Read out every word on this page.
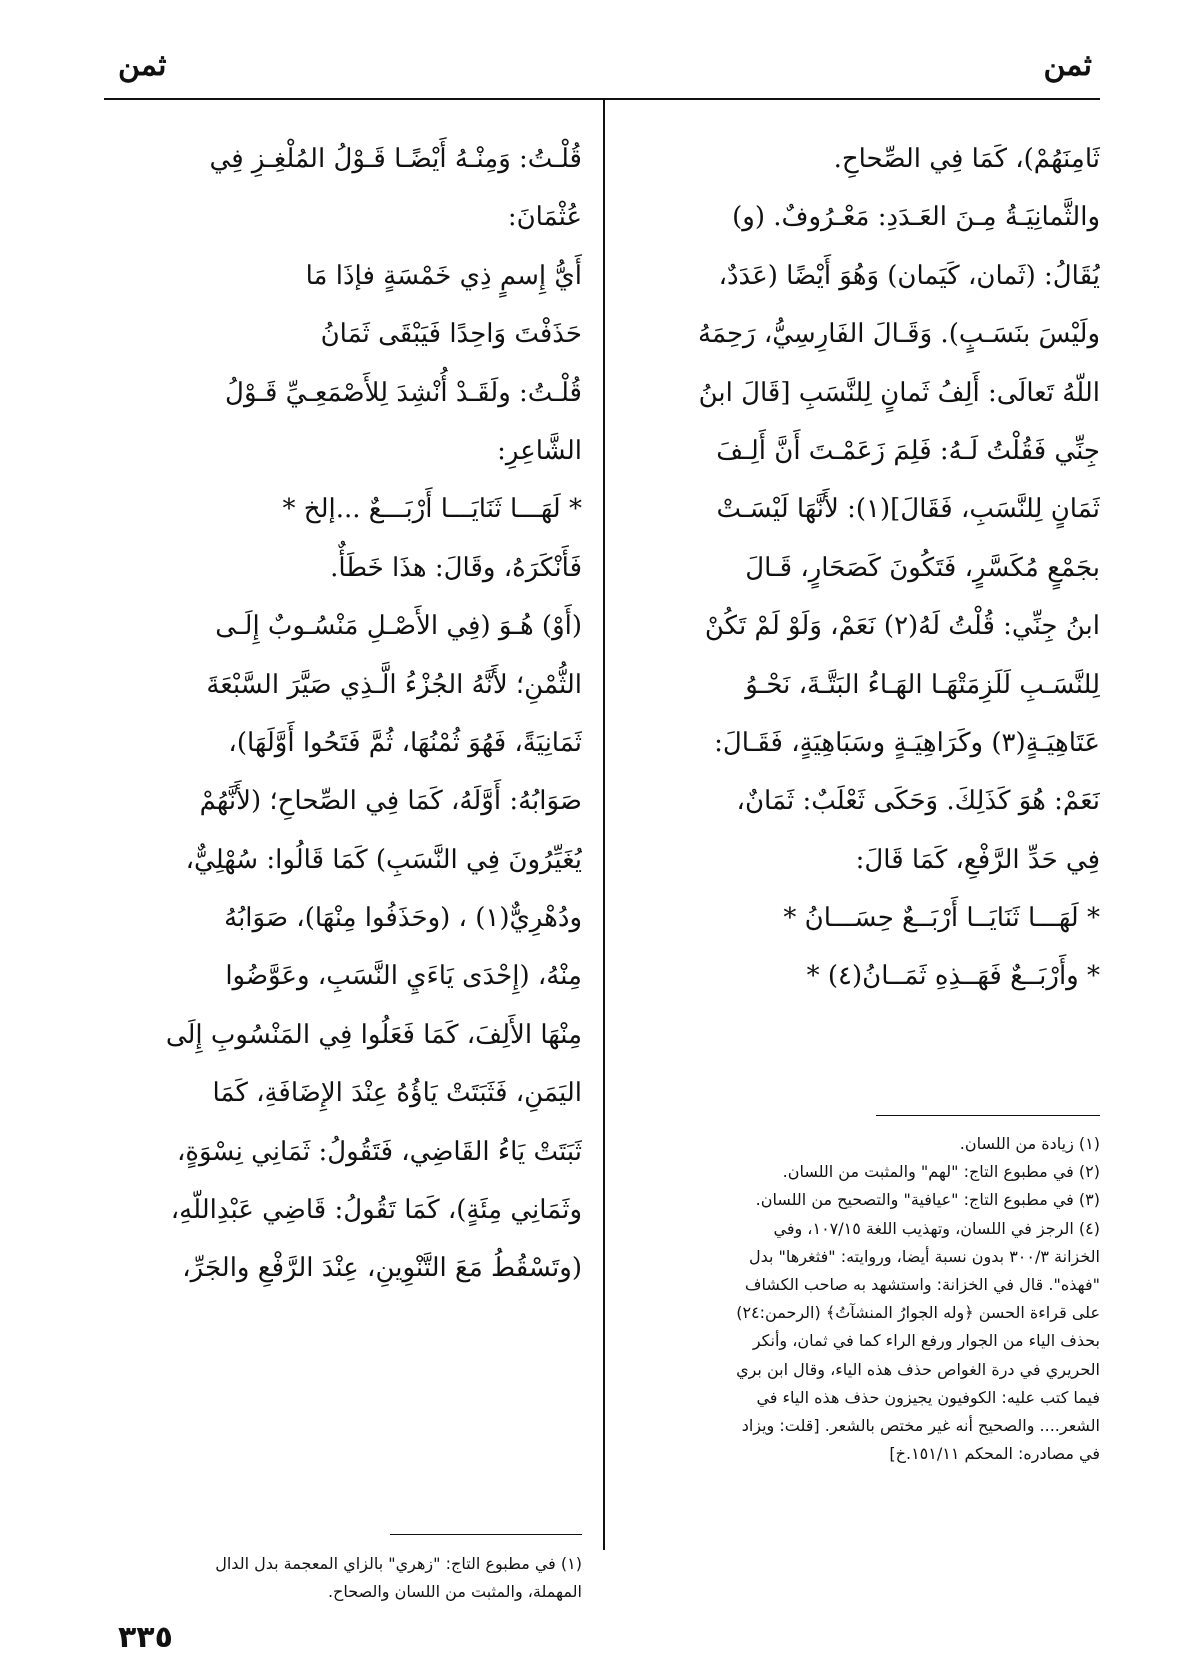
ثمن	ثمن
ثَامِنَهُمْ)، كَمَا فِي الصِّحاحِ.
والثَّمانِيَـةُ مِـنَ العَـدَدِ: مَعْـرُوفٌ. (و)
يُقَالُ: (ثَمان، كَيَمان) وَهُوَ أَيْضًا (عَدَدٌ،
ولَيْسَ بنَسَـبٍ). وَقَـالَ الفَارِسِيُّ، رَحِمَهُ
اللّهُ تَعالَى: أَلِفُ ثَمانٍ لِلنَّسَبِ [قَالَ ابنُ
جِنِّي فَقُلْتُ لَـهُ: فَلِمَ زَعَمْـتَ أَنَّ أَلِـفَ
ثَمَانٍ لِلنَّسَبِ، فَقَالَ](١): لأَنَّهَا لَيْسَـتْ
بجَمْعٍ مُكَسَّرٍ، فَتَكُونَ كَصَحَارٍ، قَـالَ
ابنُ جِنِّي: قُلْتُ لَهُ(٢) نَعَمْ، وَلَوْ لَمْ تَكُنْ
لِلنَّسَـبِ لَلَزِمَتْهَـا الهَـاءُ البَتَّـةَ، نَحْـوُ
عَتَاهِيَـةٍ(٣) وكَرَاهِيَـةٍ وسَبَاهِيَةٍ، فَقَـالَ:
نَعَمْ: هُوَ كَذَلِكَ. وَحَكَى ثَعْلَبٌ: ثَمَانٌ،
فِي حَدِّ الرَّفْعِ، كَمَا قَالَ:
* لَهَـــا ثَنَايَــا أَرْبَــعٌ حِسَـــانُ *
* وأَرْبَــعٌ فَهَــذِهِ ثَمَــانُ(٤) *
(١) زيادة من اللسان.
(٢) في مطبوع التاج: "لهم" والمثبت من اللسان.
(٣) في مطبوع التاج: "عيافية" والتصحيح من اللسان.
(٤) الرجز في اللسان، وتهذيب اللغة ١٠٧/١٥، وفي
الخزانة ٣٠٠/٣ بدون نسبة أيضا، وروايته: "فثغرها" بدل
"فهذه". قال في الخزانة: واستشهد به صاحب الكشاف
على قراءة الحسن ﴿وله الجوارُ المنشآتُ﴾ (الرحمن:٢٤)
بحذف الياء من الجوار ورفع الراء كما في ثمان، وأنكر
الحريري في درة الغواص حذف هذه الياء، وقال ابن بري
فيما كتب عليه: الكوفيون يجيزون حذف هذه الياء في
الشعر.... والصحيح أنه غير مختص بالشعر. [قلت: ويزاد
في مصادره: المحكم ١٥١/١١.خ]
قُلْـتُ: وَمِنْـهُ أَيْضًـا قَـوْلُ المُلْغِـزِ فِي
عُثْمَانَ:
أَيُّ إِسمٍ ذِي خَمْسَةٍ فإذَا مَا
حَذَفْتَ وَاحِدًا فَيَبْقَى ثَمَانُ
قُلْـتُ: ولَقَـدْ أُنْشِدَ لِلأَصْمَعِـيِّ قَـوْلُ
الشَّاعِرِ:
* لَهَـــا ثَنَايَـــا أَرْبَـــعٌ ...إلخ *
فَأَنْكَرَهُ، وقَالَ: هذَا خَطَأٌ.
(أَوْ) هُـوَ (فِي الأَصْـلِ مَنْسُـوبٌ إِلَـى
الثُّمْنِ؛ لأَنَّهُ الجُزْءُ الَّـذِي صَيَّرَ السَّبْعَةَ
ثَمَانِيَةً، فَهُوَ ثُمْنُهَا، ثُمَّ فَتَحُوا أَوَّلَهَا)،
صَوَابُهُ: أَوَّلَهُ، كَمَا فِي الصِّحاحِ؛ (لأَنَّهُمْ
يُغَيِّرُونَ فِي النَّسَبِ) كَمَا قَالُوا: سُهْلِيٌّ،
ودُهْرِيٌّ(١) ، (وحَذَفُوا مِنْهَا)، صَوَابُهُ
مِنْهُ، (إِحْدَى يَاءَيِ النَّسَبِ، وعَوَّضُوا
مِنْهَا الأَلِفَ، كَمَا فَعَلُوا فِي المَنْسُوبِ إِلَى
اليَمَنِ، فَثَبَتَتْ يَاؤُهُ عِنْدَ الإِضَافَةِ، كَمَا
ثَبَتَتْ يَاءُ القَاضِي، فَتَقُولُ: ثَمَانِي نِسْوَةٍ،
وثَمَانِي مِئَةٍ)، كَمَا تَقُولُ: قَاضِي عَبْدِاللّهِ،
(وتَسْقُطُ مَعَ التَّنْوِينِ، عِنْدَ الرَّفْعِ والجَرِّ،
(١) في مطبوع التاج: "زهري" بالزاي المعجمة بدل الدال
المهملة، والمثبت من اللسان والصحاح.
٣٣٥
